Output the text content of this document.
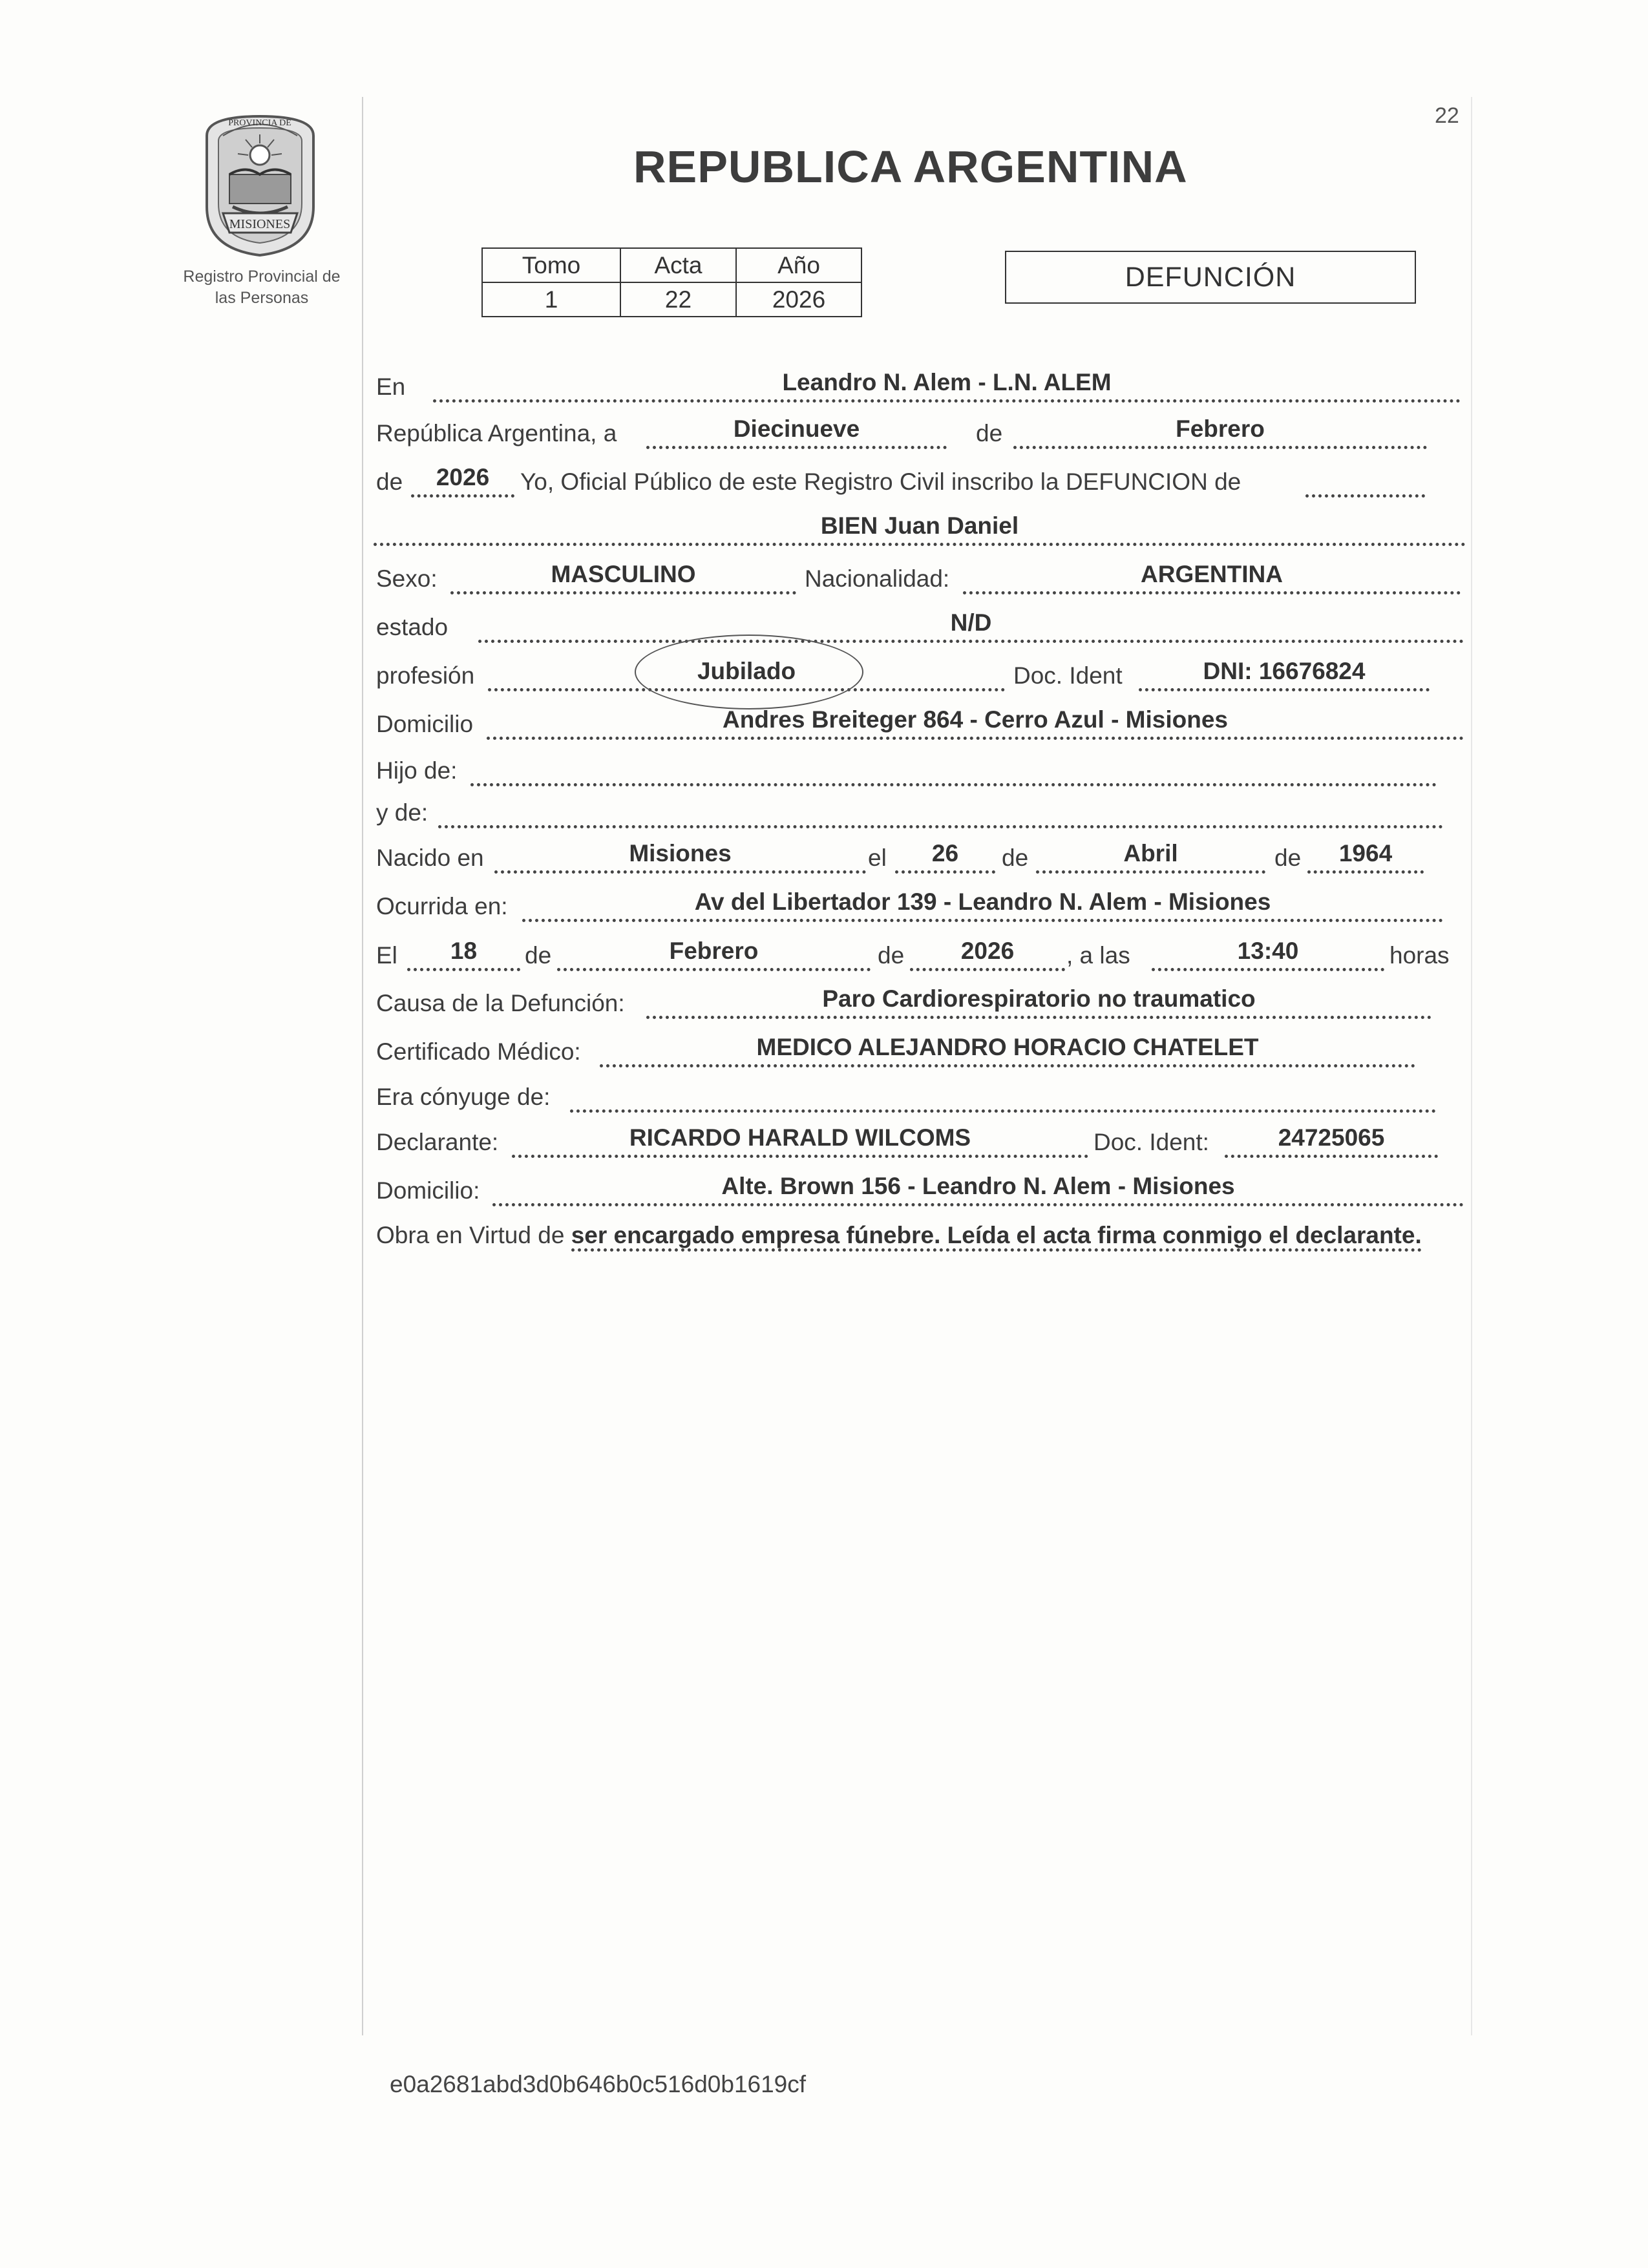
22
MISIONES
PROVINCIA DE
Registro Provincial de
las Personas
REPUBLICA ARGENTINA
Tomo	Acta	Año
1	22	2026
DEFUNCIÓN
En	Leandro N. Alem - L.N. ALEM
República Argentina, a	Diecinueve	de	Febrero
de	2026	Yo, Oficial Público de este Registro Civil inscribo la DEFUNCION de
BIEN Juan Daniel
Sexo:	MASCULINO	Nacionalidad:	ARGENTINA
estado	N/D
profesión	Jubilado	Doc. Ident	DNI: 16676824
Domicilio	Andres Breiteger 864 - Cerro Azul - Misiones
Hijo de:
y de:
Nacido en	Misiones	el	26	de	Abril	de	1964
Ocurrida en:	Av del Libertador 139 - Leandro N. Alem - Misiones
El	18	de	Febrero	de	2026	, a las	13:40	horas
Causa de la Defunción:	Paro Cardiorespiratorio no traumatico
Certificado Médico:	MEDICO ALEJANDRO HORACIO CHATELET
Era cónyuge de:
Declarante:	RICARDO HARALD WILCOMS	Doc. Ident:	24725065
Domicilio:	Alte. Brown 156 - Leandro N. Alem - Misiones
Obra en Virtud de ser encargado empresa fúnebre. Leída el acta firma conmigo el declarante.
e0a2681abd3d0b646b0c516d0b1619cf
